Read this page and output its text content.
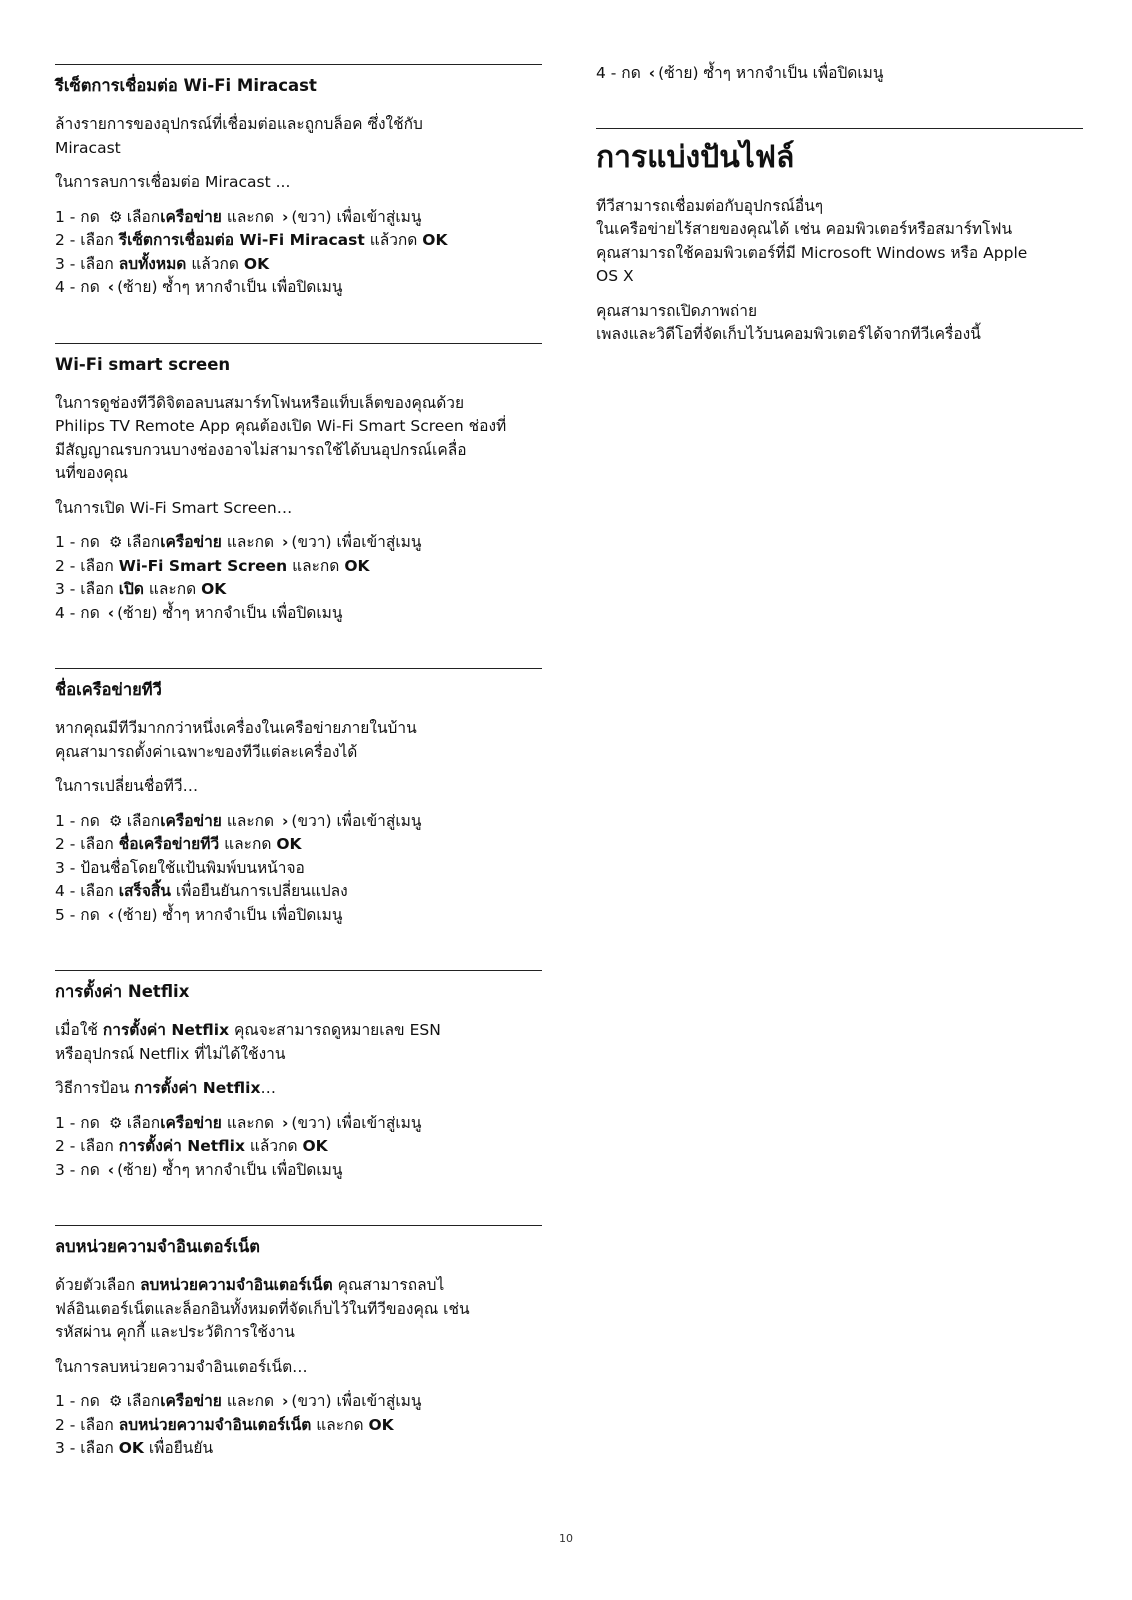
รีเซ็ตการเชื่อมต่อ Wi-Fi Miracast
ล้างรายการของอุปกรณ์ที่เชื่อมต่อและถูกบล็อค ซึ่งใช้กับ
Miracast
ในการลบการเชื่อมต่อ Miracast ...
1 - กด ⚙ เลือกเครือข่าย และกด › (ขวา) เพื่อเข้าสู่เมนู
2 - เลือก รีเซ็ตการเชื่อมต่อ Wi-Fi Miracast แล้วกด OK
3 - เลือก ลบทั้งหมด แล้วกด OK
4 - กด ‹ (ซ้าย) ซ้ำๆ หากจำเป็น เพื่อปิดเมนู
Wi-Fi smart screen
ในการดูช่องทีวีดิจิตอลบนสมาร์ทโฟนหรือแท็บเล็ตของคุณด้วย
Philips TV Remote App คุณต้องเปิด Wi-Fi Smart Screen ช่องที่
มีสัญญาณรบกวนบางช่องอาจไม่สามารถใช้ได้บนอุปกรณ์เคลื่อ
นที่ของคุณ
ในการเปิด Wi-Fi Smart Screen…
1 - กด ⚙ เลือกเครือข่าย และกด › (ขวา) เพื่อเข้าสู่เมนู
2 - เลือก Wi-Fi Smart Screen และกด OK
3 - เลือก เปิด และกด OK
4 - กด ‹ (ซ้าย) ซ้ำๆ หากจำเป็น เพื่อปิดเมนู
ชื่อเครือข่ายทีวี
หากคุณมีทีวีมากกว่าหนึ่งเครื่องในเครือข่ายภายในบ้าน
คุณสามารถตั้งค่าเฉพาะของทีวีแต่ละเครื่องได้
ในการเปลี่ยนชื่อทีวี…
1 - กด ⚙ เลือกเครือข่าย และกด › (ขวา) เพื่อเข้าสู่เมนู
2 - เลือก ชื่อเครือข่ายทีวี และกด OK
3 - ป้อนชื่อโดยใช้แป้นพิมพ์บนหน้าจอ
4 - เลือก เสร็จสิ้น เพื่อยืนยันการเปลี่ยนแปลง
5 - กด ‹ (ซ้าย) ซ้ำๆ หากจำเป็น เพื่อปิดเมนู
การตั้งค่า Netflix
เมื่อใช้ การตั้งค่า Netflix คุณจะสามารถดูหมายเลข ESN
หรืออุปกรณ์ Netflix ที่ไม่ได้ใช้งาน
วิธีการป้อน การตั้งค่า Netflix…
1 - กด ⚙ เลือกเครือข่าย และกด › (ขวา) เพื่อเข้าสู่เมนู
2 - เลือก การตั้งค่า Netflix แล้วกด OK
3 - กด ‹ (ซ้าย) ซ้ำๆ หากจำเป็น เพื่อปิดเมนู
ลบหน่วยความจำอินเตอร์เน็ต
ด้วยตัวเลือก ลบหน่วยความจำอินเตอร์เน็ต คุณสามารถลบไ
ฟล์อินเตอร์เน็ตและล็อกอินทั้งหมดที่จัดเก็บไว้ในทีวีของคุณ เช่น
รหัสผ่าน คุกกี้ และประวัติการใช้งาน
ในการลบหน่วยความจำอินเตอร์เน็ต…
1 - กด ⚙ เลือกเครือข่าย และกด › (ขวา) เพื่อเข้าสู่เมนู
2 - เลือก ลบหน่วยความจำอินเตอร์เน็ต และกด OK
3 - เลือก OK เพื่อยืนยัน
4 - กด ‹ (ซ้าย) ซ้ำๆ หากจำเป็น เพื่อปิดเมนู
การแบ่งปันไฟล์
ทีวีสามารถเชื่อมต่อกับอุปกรณ์อื่นๆ
ในเครือข่ายไร้สายของคุณได้ เช่น คอมพิวเตอร์หรือสมาร์ทโฟน
คุณสามารถใช้คอมพิวเตอร์ที่มี Microsoft Windows หรือ Apple
OS X
คุณสามารถเปิดภาพถ่าย
เพลงและวิดีโอที่จัดเก็บไว้บนคอมพิวเตอร์ได้จากทีวีเครื่องนี้
10
